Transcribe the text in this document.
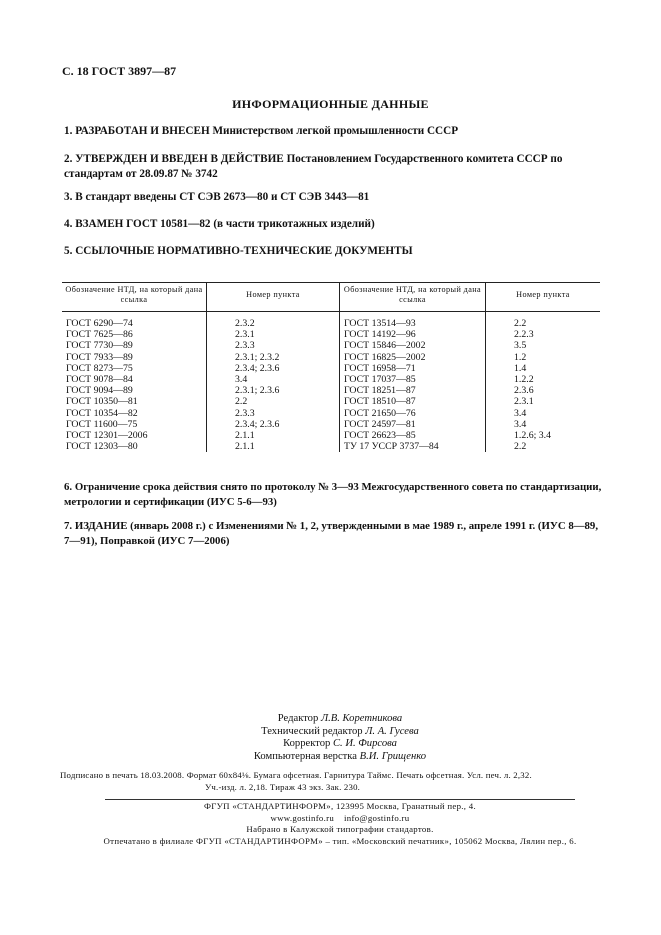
С. 18 ГОСТ 3897—87
ИНФОРМАЦИОННЫЕ ДАННЫЕ
1. РАЗРАБОТАН И ВНЕСЕН Министерством легкой промышленности СССР
2. УТВЕРЖДЕН И ВВЕДЕН В ДЕЙСТВИЕ Постановлением Государственного комитета СССР по стандартам от 28.09.87 № 3742
3. В стандарт введены СТ СЭВ 2673—80 и СТ СЭВ 3443—81
4. ВЗАМЕН ГОСТ 10581—82 (в части трикотажных изделий)
5. ССЫЛОЧНЫЕ НОРМАТИВНО-ТЕХНИЧЕСКИЕ ДОКУМЕНТЫ
Обозначение НТД, на который дана ссылка	Номер пункта	Обозначение НТД, на который дана ссылка	Номер пункта
ГОСТ 6290—74	2.3.2	ГОСТ 13514—93	2.2
ГОСТ 7625—86	2.3.1	ГОСТ 14192—96	2.2.3
ГОСТ 7730—89	2.3.3	ГОСТ 15846—2002	3.5
ГОСТ 7933—89	2.3.1; 2.3.2	ГОСТ 16825—2002	1.2
ГОСТ 8273—75	2.3.4; 2.3.6	ГОСТ 16958—71	1.4
ГОСТ 9078—84	3.4	ГОСТ 17037—85	1.2.2
ГОСТ 9094—89	2.3.1; 2.3.6	ГОСТ 18251—87	2.3.6
ГОСТ 10350—81	2.2	ГОСТ 18510—87	2.3.1
ГОСТ 10354—82	2.3.3	ГОСТ 21650—76	3.4
ГОСТ 11600—75	2.3.4; 2.3.6	ГОСТ 24597—81	3.4
ГОСТ 12301—2006	2.1.1	ГОСТ 26623—85	1.2.6; 3.4
ГОСТ 12303—80	2.1.1	ТУ 17 УССР 3737—84	2.2
6. Ограничение срока действия снято по протоколу № 3—93 Межгосударственного совета по стандартизации, метрологии и сертификации (ИУС 5-6—93)
7. ИЗДАНИЕ (январь 2008 г.) с Изменениями № 1, 2, утвержденными в мае 1989 г., апреле 1991 г. (ИУС 8—89, 7—91), Поправкой (ИУС 7—2006)
Редактор Л.В. Коретникова
Технический редактор Л. А. Гусева
Корректор С. И. Фирсова
Компьютерная верстка В.И. Грищенко
Подписано в печать 18.03.2008. Формат 60х84⅛. Бумага офсетная. Гарнитура Таймс. Печать офсетная. Усл. печ. л. 2,32.
Уч.-изд. л. 2,18. Тираж 43 экз. Зак. 230.
ФГУП «СТАНДАРТИНФОРМ», 123995 Москва, Гранатный пер., 4.
www.gostinfo.ru    info@gostinfo.ru
Набрано в Калужской типографии стандартов.
Отпечатано в филиале ФГУП «СТАНДАРТИНФОРМ» – тип. «Московский печатник», 105062 Москва, Лялин пер., 6.
